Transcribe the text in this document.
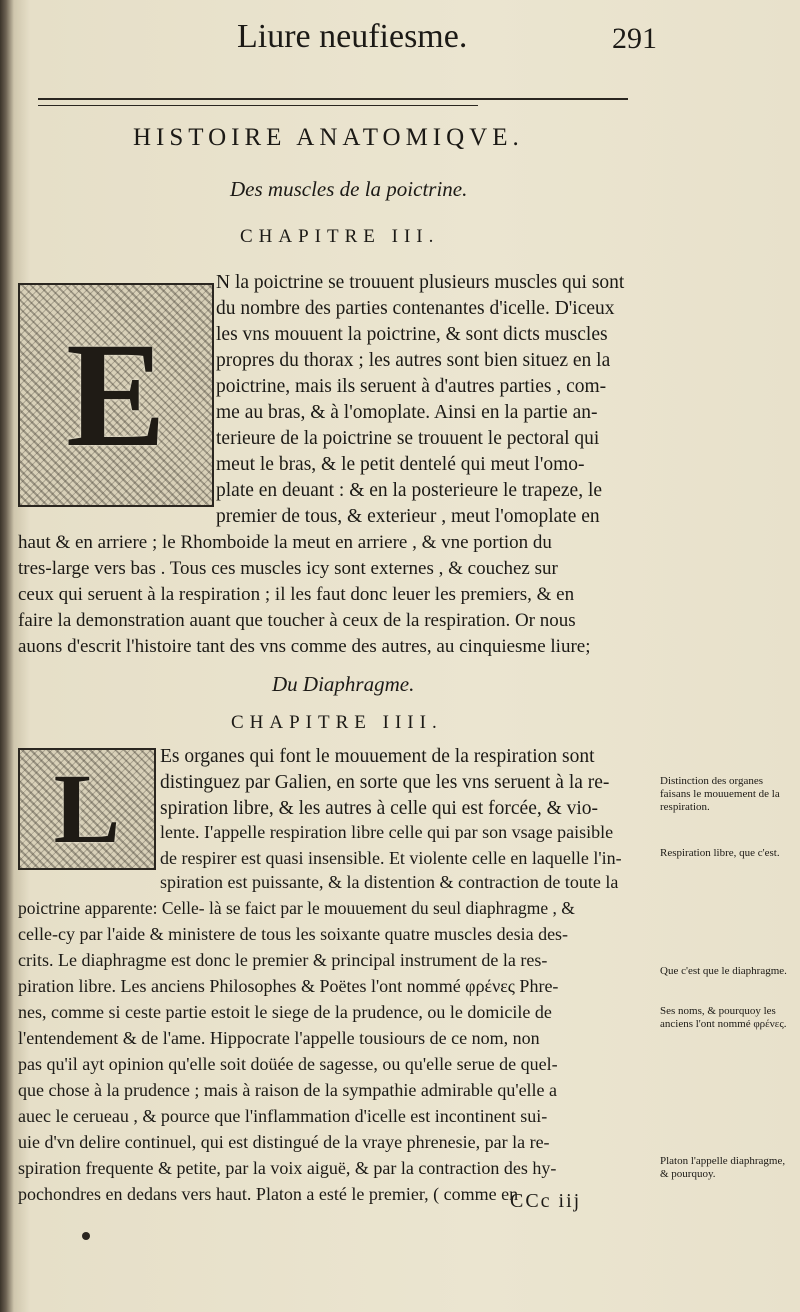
Liure neufiesme.	291
HISTOIRE ANATOMIQVE.
Des muscles de la poictrine.
CHAPITRE III.
E
N la poictrine se trouuent plusieurs muscles qui sont
du nombre des parties contenantes d'icelle. D'iceux
les vns mouuent la poictrine, & sont dicts muscles
propres du thorax ; les autres sont bien situez en la
poictrine, mais ils seruent à d'autres parties , com-
me au bras, & à l'omoplate. Ainsi en la partie an-
terieure de la poictrine se trouuent le pectoral qui
meut le bras, & le petit dentelé qui meut l'omo-
plate en deuant : & en la posterieure le trapeze, le
premier de tous, & exterieur , meut l'omoplate en
haut & en arriere ; le Rhomboide la meut en arriere , & vne portion du
tres-large vers bas . Tous ces muscles icy sont externes , & couchez sur
ceux qui seruent à la respiration ; il les faut donc leuer les premiers, & en
faire la demonstration auant que toucher à ceux de la respiration. Or nous
auons d'escrit l'histoire tant des vns comme des autres, au cinquiesme liure;
Du Diaphragme.
CHAPITRE IIII.
L Es organes qui font le mouuement de la respiration sont
distinguez par Galien, en sorte que les vns seruent à la re-
spiration libre, & les autres à celle qui est forcée, & vio-
lente. I'appelle respiration libre celle qui par son vsage paisible
de respirer est quasi insensible. Et violente celle en laquelle l'in-
spiration est puissante, & la distention & contraction de toute la
poictrine apparente: Celle- là se faict par le mouuement du seul diaphragme , &
celle-cy par l'aide & ministere de tous les soixante quatre muscles desia des-
crits. Le diaphragme est donc le premier & principal instrument de la res-
piration libre. Les anciens Philosophes & Poëtes l'ont nommé φρένες Phre-
nes, comme si ceste partie estoit le siege de la prudence, ou le domicile de
l'entendement & de l'ame. Hippocrate l'appelle tousiours de ce nom, non
pas qu'il ayt opinion qu'elle soit doüée de sagesse, ou qu'elle serue de quel-
que chose à la prudence ; mais à raison de la sympathie admirable qu'elle a
auec le cerueau , & pource que l'inflammation d'icelle est incontinent sui-
uie d'vn delire continuel, qui est distingué de la vraye phrenesie, par la re-
spiration frequente & petite, par la voix aiguë, & par la contraction des hy-
Distinction des organes faisans le mouuement de la respiration.
Respiration libre, que c'est.
Que c'est que le diaphragme.
Ses noms, & pourquoy les anciens l'ont nommé φρένες.
Platon l'appelle diaphragme, & pourquoy.
CCc iij
pochondres en dedans vers haut. Platon a esté le premier, ( comme en
